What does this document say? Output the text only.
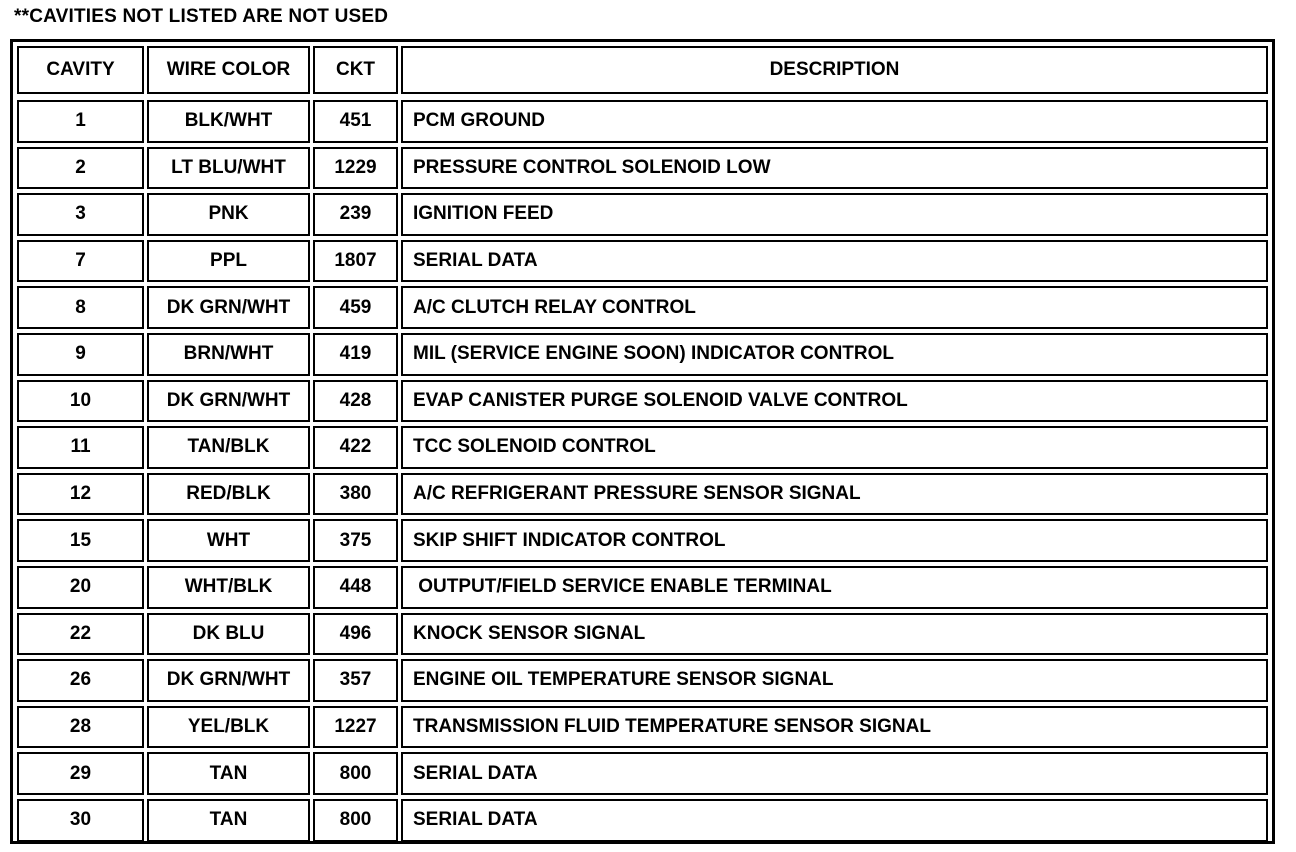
**CAVITIES NOT LISTED ARE NOT USED
CAVITY	WIRE COLOR	CKT	DESCRIPTION
1	BLK/WHT	451	PCM GROUND
2	LT BLU/WHT	1229	PRESSURE CONTROL SOLENOID LOW
3	PNK	239	IGNITION FEED
7	PPL	1807	SERIAL DATA
8	DK GRN/WHT	459	A/C CLUTCH RELAY CONTROL
9	BRN/WHT	419	MIL (SERVICE ENGINE SOON) INDICATOR CONTROL
10	DK GRN/WHT	428	EVAP CANISTER PURGE SOLENOID VALVE CONTROL
11	TAN/BLK	422	TCC SOLENOID CONTROL
12	RED/BLK	380	A/C REFRIGERANT PRESSURE SENSOR SIGNAL
15	WHT	375	SKIP SHIFT INDICATOR CONTROL
20	WHT/BLK	448	OUTPUT/FIELD SERVICE ENABLE TERMINAL
22	DK BLU	496	KNOCK SENSOR SIGNAL
26	DK GRN/WHT	357	ENGINE OIL TEMPERATURE SENSOR SIGNAL
28	YEL/BLK	1227	TRANSMISSION FLUID TEMPERATURE SENSOR SIGNAL
29	TAN	800	SERIAL DATA
30	TAN	800	SERIAL DATA
